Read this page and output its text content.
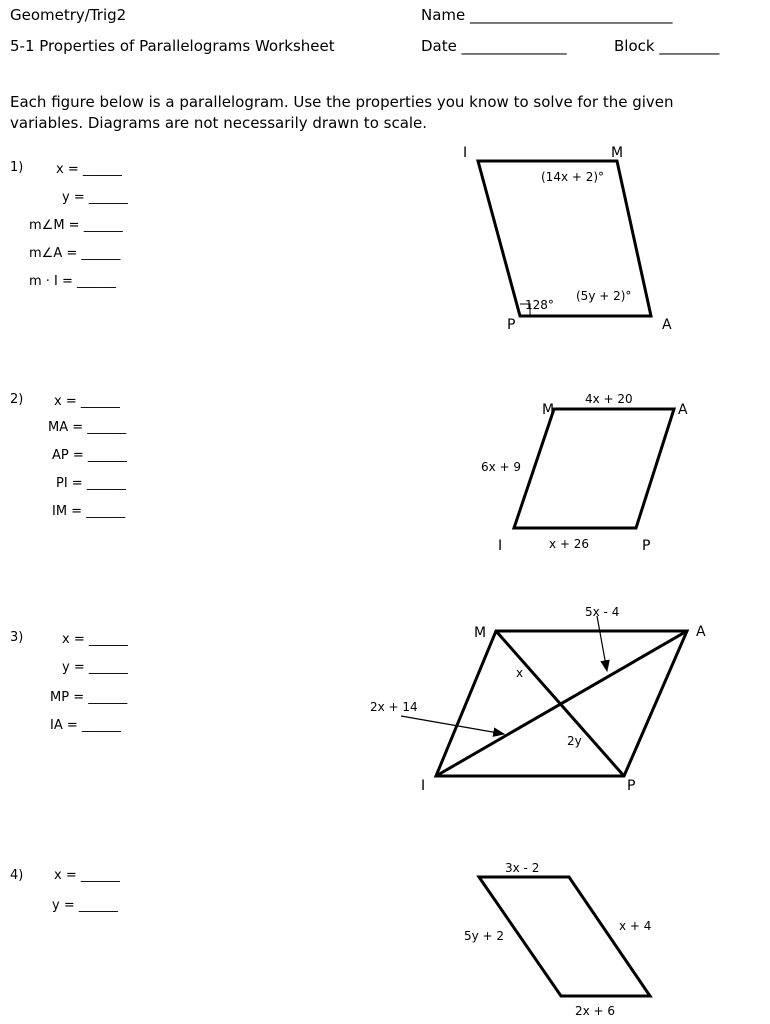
Geometry/Trig2
5-1 Properties of Parallelograms Worksheet
Name ___________________________
Date ______________	Block ________
Each figure below is a parallelogram. Use the properties you know to solve for the given
variables. Diagrams are not necessarily drawn to scale.
1)	x = ______
y = ______
m∠M = ______
m∠A = ______
m · I = ______
2) x = ______
MA = ______
AP = ______
PI = ______
IM = ______
3)	x = ______
y = ______
MP = ______
IA = ______
4) x = ______
y = ______
I	M
P	A
(14x + 2)°
128°
(5y + 2)°
M	A
I	P
4x + 20
6x + 9
x + 26
M	A
I	P
5x - 4
x
2x + 14
2y
3x - 2
5y + 2
x + 4
2x + 6
